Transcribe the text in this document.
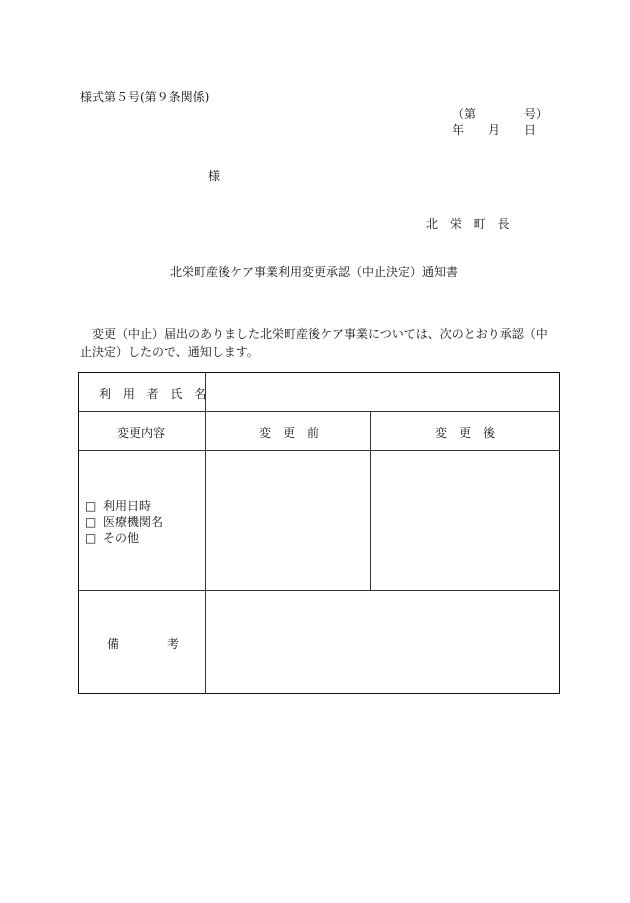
様式第５号(第９条関係)
（第　　　　号）
年　　月　　日
様
北 栄 町 長
北栄町産後ケア事業利用変更承認（中止決定）通知書
変更（中止）届出のありました北栄町産後ケア事業については、次のとおり承認（中
止決定）したので、通知します。
利 用 者 氏 名
変更内容	変　更　前	変　更　後
□ 利用日時
□ 医療機関名
□ その他
備　　　　考
